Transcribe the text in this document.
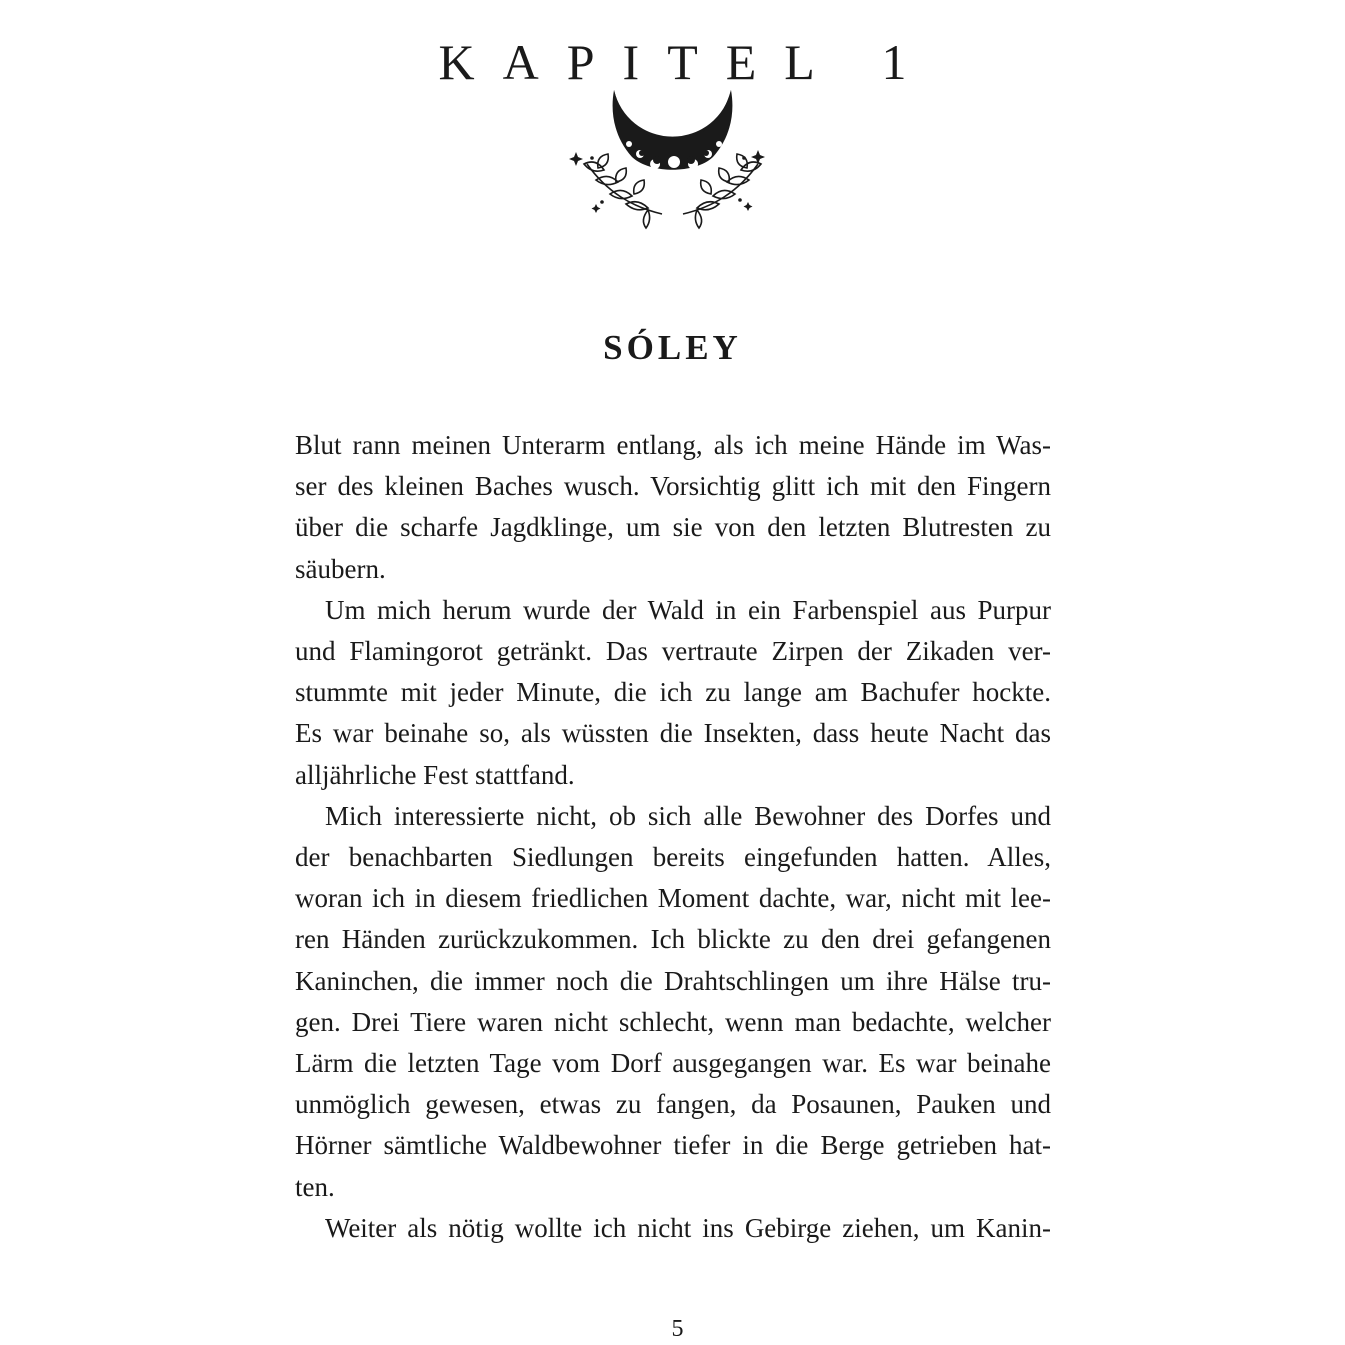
KAPITEL 1
SÓLEY
Blut rann meinen Unterarm entlang, als ich meine Hände im Was-
ser des kleinen Baches wusch. Vorsichtig glitt ich mit den Fingern
über die scharfe Jagdklinge, um sie von den letzten Blutresten zu
säubern.
Um mich herum wurde der Wald in ein Farbenspiel aus Purpur
und Flamingorot getränkt. Das vertraute Zirpen der Zikaden ver-
stummte mit jeder Minute, die ich zu lange am Bachufer hockte.
Es war beinahe so, als wüssten die Insekten, dass heute Nacht das
alljährliche Fest stattfand.
Mich interessierte nicht, ob sich alle Bewohner des Dorfes und
der benachbarten Siedlungen bereits eingefunden hatten. Alles,
woran ich in diesem friedlichen Moment dachte, war, nicht mit lee-
ren Händen zurückzukommen. Ich blickte zu den drei gefangenen
Kaninchen, die immer noch die Drahtschlingen um ihre Hälse tru-
gen. Drei Tiere waren nicht schlecht, wenn man bedachte, welcher
Lärm die letzten Tage vom Dorf ausgegangen war. Es war beinahe
unmöglich gewesen, etwas zu fangen, da Posaunen, Pauken und
Hörner sämtliche Waldbewohner tiefer in die Berge getrieben hat-
ten.
Weiter als nötig wollte ich nicht ins Gebirge ziehen, um Kanin-
5
